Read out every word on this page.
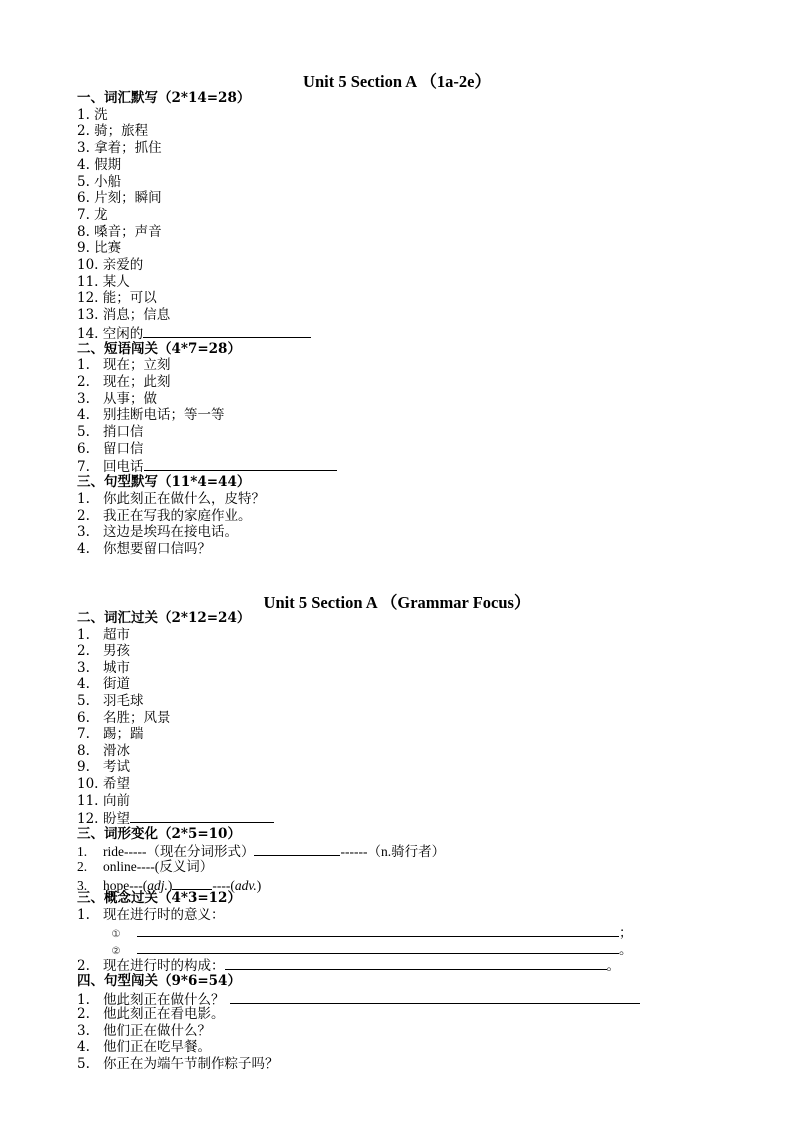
Unit 5 Section A （1a-2e）
一、词汇默写（2*14=28）
1. 洗
2. 骑；旅程
3. 拿着；抓住
4. 假期
5. 小船
6. 片刻；瞬间
7. 龙
8. 嗓音；声音
9. 比赛
10. 亲爱的
11. 某人
12. 能；可以
13. 消息；信息
14. 空闲的
二、短语闯关（4*7=28）
1. 现在；立刻
2. 现在；此刻
3. 从事；做
4. 别挂断电话；等一等
5. 捎口信
6. 留口信
7. 回电话
三、句型默写（11*4=44）
1. 你此刻正在做什么，皮特？
2. 我正在写我的家庭作业。
3. 这边是埃玛在接电话。
4. 你想要留口信吗？
Unit 5 Section A （Grammar Focus）
二、词汇过关（2*12=24）
1. 超市
2. 男孩
3. 城市
4. 街道
5. 羽毛球
6. 名胜；风景
7. 踢；踹
8. 滑冰
9. 考试
10. 希望
11. 向前
12. 盼望
三、词形变化（2*5=10）
1. ride-----（现在分词形式）	------（n.骑行者）
2. online----(反义词）
3. hope---(adj.)	----(adv.)
三、概念过关（4*3=12）
1. 现在进行时的意义：
①	；
②	。
2. 现在进行时的构成：	。
四、句型闯关（9*6=54）
1. 他此刻正在做什么？
2. 他此刻正在看电影。
3. 他们正在做什么？
4. 他们正在吃早餐。
5. 你正在为端午节制作粽子吗？
